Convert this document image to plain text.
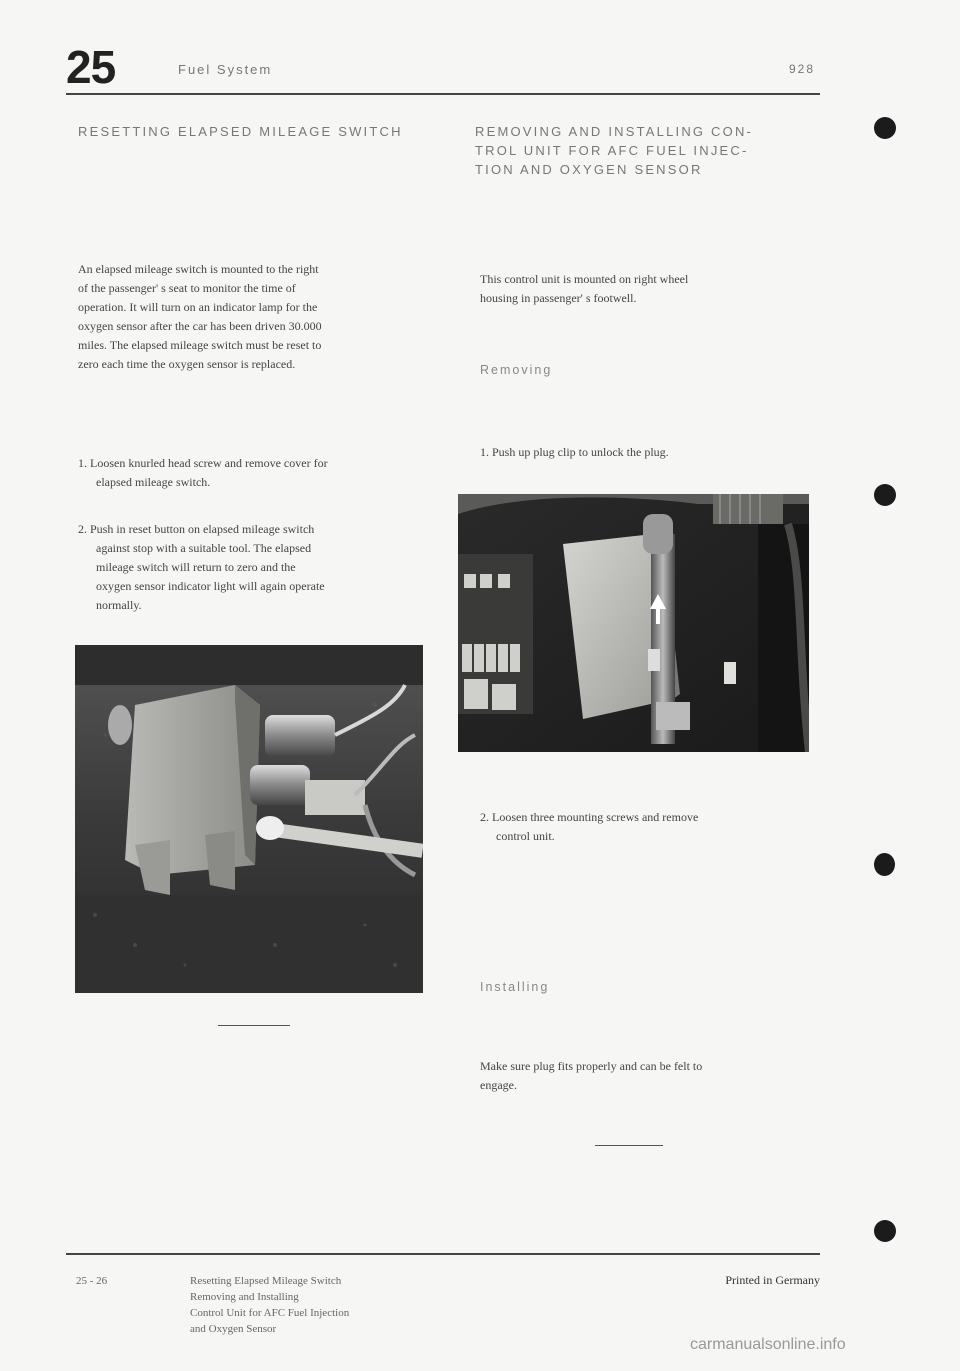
25	Fuel System	928
RESETTING ELAPSED MILEAGE SWITCH
An elapsed mileage switch is mounted to the right
of the passenger' s seat to monitor the time of
operation. It will turn on an indicator lamp for the
oxygen sensor after the car has been driven 30.000
miles. The elapsed mileage switch must be reset to
zero each time the oxygen sensor is replaced.
1. Loosen knurled head screw and remove cover for
elapsed mileage switch.
2. Push in reset button on elapsed mileage switch
against stop with a suitable tool. The elapsed
mileage switch will return to zero and the
oxygen sensor indicator light will again operate
normally.
REMOVING AND INSTALLING CON-
TROL UNIT FOR AFC FUEL INJEC-
TION AND OXYGEN SENSOR
This control unit is mounted on right wheel
housing in passenger' s footwell.
Removing
1. Push up plug clip to unlock the plug.
2. Loosen three mounting screws and remove
control unit.
Installing
Make sure plug fits properly and can be felt to
engage.
25 - 26	Resetting Elapsed Mileage Switch
Removing and Installing
Control Unit for AFC Fuel Injection
and Oxygen Sensor
Printed in Germany
carmanualsonline.info
